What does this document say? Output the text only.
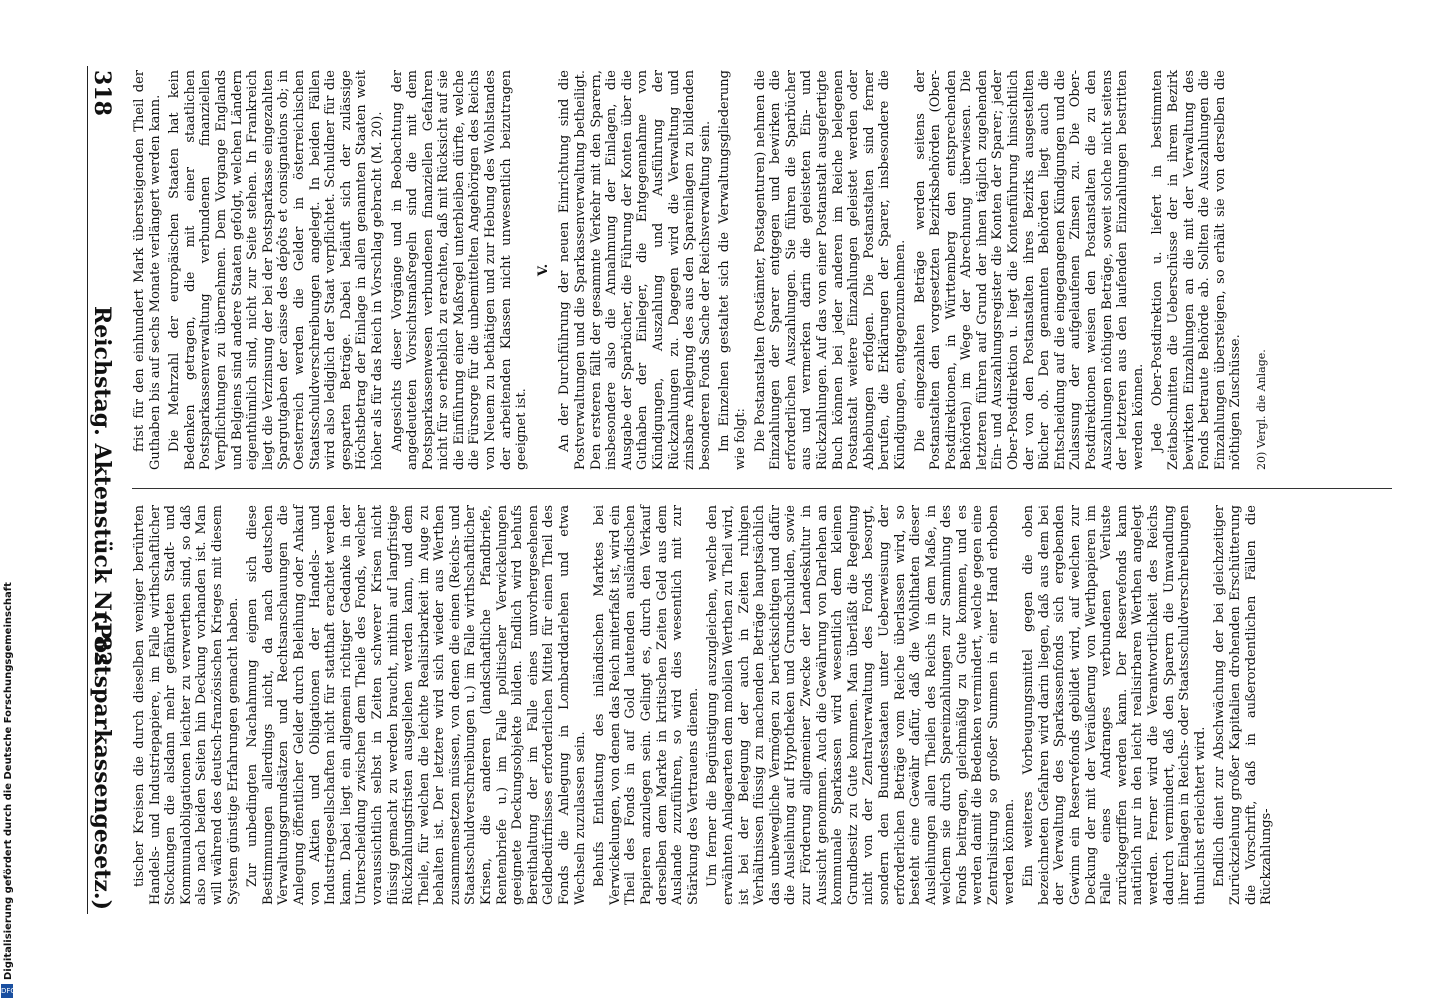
318
Reichstag. Aktenstück Nr. 82.
(Postsparkassengesetz.) tischer Kreisen die durch dieselben weniger berührten Handels- und Industriepapiere, im Falle wirthschaftlicher Stockungen die alsdann mehr gefährdeten Stadt- und Kommunalobligationen leichter zu verwerthen sind, so daß also nach beiden Seiten hin Deckung vorhanden ist. Man will während des deutsch-französischen Krieges mit diesem System günstige Erfahrungen gemacht haben. Zur unbedingten Nachahmung eignen sich diese Bestimmungen allerdings nicht, da nach deutschen Verwaltungsgrundsätzen und Rechtsanschauungen die Anlegung öffentlicher Gelder durch Beleihung oder Ankauf von Aktien und Obligationen der Handels- und Industriegesellschaften nicht für statthaft erachtet werden kann. Dabei liegt ein allgemein richtiger Gedanke in der Unterscheidung zwischen dem Theile des Fonds, welcher voraussichtlich selbst in Zeiten schwerer Krisen nicht flüssig gemacht zu werden braucht, mithin auf langfristige Rückzahlungsfristen ausgeliehen werden kann, und dem Theile, für welchen die leichte Realisirbarkeit im Auge zu behalten ist. Der letztere wird sich wieder aus Werthen zusammensetzen müssen, von denen die einen (Reichs- und Staatsschuldverschreibungen u.) im Falle wirthschaftlicher Krisen, die anderen (landschaftliche Pfandbriefe, Rentenbriefe u.) im Falle politischer Verwickelungen geeignete Deckungsobjekte bilden. Endlich wird behufs Bereithaltung der im Falle eines unvorhergesehenen Geldbedürfnisses erforderlichen Mittel für einen Theil des Fonds die Anlegung in Lombarddarlehen und etwa Wechseln zuzulassen sein. Behufs Entlastung des inländischen Marktes bei Verwickelungen, von denen das Reich miterfaßt ist, wird ein Theil des Fonds in auf Gold lautenden ausländischen Papieren anzulegen sein. Gelingt es, durch den Verkauf derselben dem Markte in kritischen Zeiten Geld aus dem Auslande zuzuführen, so wird dies wesentlich mit zur Stärkung des Vertrauens dienen. Um ferner die Begünstigung auszugleichen, welche den erwähnten Anlagearten dem mobilen Werthen zu Theil wird, ist bei der Belegung der auch in Zeiten ruhigen Verhältnissen flüssig zu machenden Beträge hauptsächlich das unbewegliche Vermögen zu berücksichtigen und dafür die Ausleihung auf Hypotheken und Grundschulden, sowie zur Förderung allgemeiner Zwecke der Landeskultur in Aussicht genommen. Auch die Gewährung von Darlehen an kommunale Sparkassen wird wesentlich dem kleinen Grundbesitz zu Gute kommen. Man überläßt die Regelung nicht von der Zentralverwaltung des Fonds besorgt, sondern den Bundesstaaten unter Ueberweisung der erforderlichen Beträge vom Reiche überlassen wird, so besteht eine Gewähr dafür, daß die Wohlthaten dieser Ausleihungen allen Theilen des Reichs in dem Maße, in welchem sie durch Spareinzahlungen zur Sammlung des Fonds beitragen, gleichmäßig zu Gute kommen, und es werden damit die Bedenken vermindert, welche gegen eine Zentralisirung so großer Summen in einer Hand erhoben werden können. Ein weiteres Vorbeugungsmittel gegen die oben bezeichneten Gefahren wird darin liegen, daß aus dem bei der Verwaltung des Sparkassenfonds sich ergebenden Gewinn ein Reservefonds gebildet wird, auf welchen zur Deckung der mit der Veräußerung von Werthpapieren im Falle eines Andranges verbundenen Verluste zurückgegriffen werden kann. Der Reservefonds kann natürlich nur in den leicht realisirbaren Werthen angelegt werden. Ferner wird die Verantwortlichkeit des Reichs dadurch vermindert, daß den Sparern die Umwandlung ihrer Einlagen in Reichs- oder Staatsschuldverschreibungen thunlichst erleichtert wird. Endlich dient zur Abschwächung der bei gleichzeitiger Zurückziehung großer Kapitalien drohenden Erschütterung die Vorschrift, daß in außerordentlichen Fällen die Rückzahlungs-

frist für den einhundert Mark übersteigenden Theil der Guthaben bis auf sechs Monate verlängert werden kann. Die Mehrzahl der europäischen Staaten hat kein Bedenken getragen, die mit einer staatlichen Postsparkassenverwaltung verbundenen finanziellen Verpflichtungen zu übernehmen. Dem Vorgange Englands und Belgiens sind andere Staaten gefolgt, welchen Ländern eigenthümlich sind, nicht zur Seite stehen. In Frankreich liegt die Verzinsung der bei der Postsparkasse eingezahlten Spargutgaben der caisse des dépôts et consignations ob; in Oesterreich werden die Gelder in österreichischen Staatsschuldverschreibungen angelegt. In beiden Fällen wird also lediglich der Staat verpflichtet. Schuldner für die gesparten Beträge. Dabei beläuft sich der zulässige Höchstbetrag der Einlage in allen genannten Staaten weit höher als für das Reich in Vorschlag gebracht (M. 20). Angesichts dieser Vorgänge und in Beobachtung der angedeuteten Vorsichtsmaßregeln sind die mit dem Postsparkassenwesen verbundenen finanziellen Gefahren nicht für so erheblich zu erachten, daß mit Rücksicht auf sie die Einführung einer Maßregel unterbleiben dürfte, welche die Fürsorge für die unbemittelten Angehörigen des Reichs von Neuem zu bethätigen und zur Hebung des Wohlstandes der arbeitenden Klassen nicht unwesentlich beizutragen geeignet ist.

V. An der Durchführung der neuen Einrichtung sind die Postverwaltungen und die Sparkassenverwaltung betheiligt. Den ersteren fällt der gesammte Verkehr mit den Sparern, insbesondere also die Annahmung der Einlagen, die Ausgabe der Sparbücher, die Führung der Konten über die Guthaben der Einleger, die Entgegennahme von Kündigungen, Auszahlung und Ausführung der Rückzahlungen zu. Dagegen wird die Verwaltung und zinsbare Anlegung des aus den Spareinlagen zu bildenden besonderen Fonds Sache der Reichsverwaltung sein. Im Einzelnen gestaltet sich die Verwaltungsgliederung wie folgt: Die Postanstalten (Postämter, Postagenturen) nehmen die Einzahlungen der Sparer entgegen und bewirken die erforderlichen Auszahlungen. Sie führen die Sparbücher aus und vermerken darin die geleisteten Ein- und Rückzahlungen. Auf das von einer Postanstalt ausgefertigte Buch können bei jeder anderen im Reiche belegenen Postanstalt weitere Einzahlungen geleistet werden oder Abhebungen erfolgen. Die Postanstalten sind ferner berufen, die Erklärungen der Sparer, insbesondere die Kündigungen, entgegenzunehmen. Die eingezahlten Beträge werden seitens der Postanstalten den vorgesetzten Bezirksbehörden (Ober-Postdirektionen, in Württemberg den entsprechenden Behörden) im Wege der Abrechnung überwiesen. Die letzteren führen auf Grund der ihnen täglich zugehenden Ein- und Auszahlungsregister die Konten der Sparer; jeder Ober-Postdirektion u. liegt die Kontenführung hinsichtlich der von den Postanstalten ihres Bezirks ausgestellten Bücher ob. Den genannten Behörden liegt auch die Entscheidung auf die eingegangenen Kündigungen und die Zulassung der aufgelaufenen Zinsen zu. Die Ober-Postdirektionen weisen den Postanstalten die zu den Auszahlungen nöthigen Beträge, soweit solche nicht seitens der letzteren aus den laufenden Einzahlungen bestritten werden können. Jede Ober-Postdirektion u. liefert in bestimmten Zeitabschnitten die Ueberschüsse der in ihrem Bezirk bewirkten Einzahlungen an die mit der Verwaltung des Fonds betraute Behörde ab. Sollten die Auszahlungen die Einzahlungen übersteigen, so erhält sie von derselben die nöthigen Zuschüsse. 20) Vergl. die Anlage.

Digitalisierung gefördert durch die Deutsche Forschungsgemeinschaft
DFG
